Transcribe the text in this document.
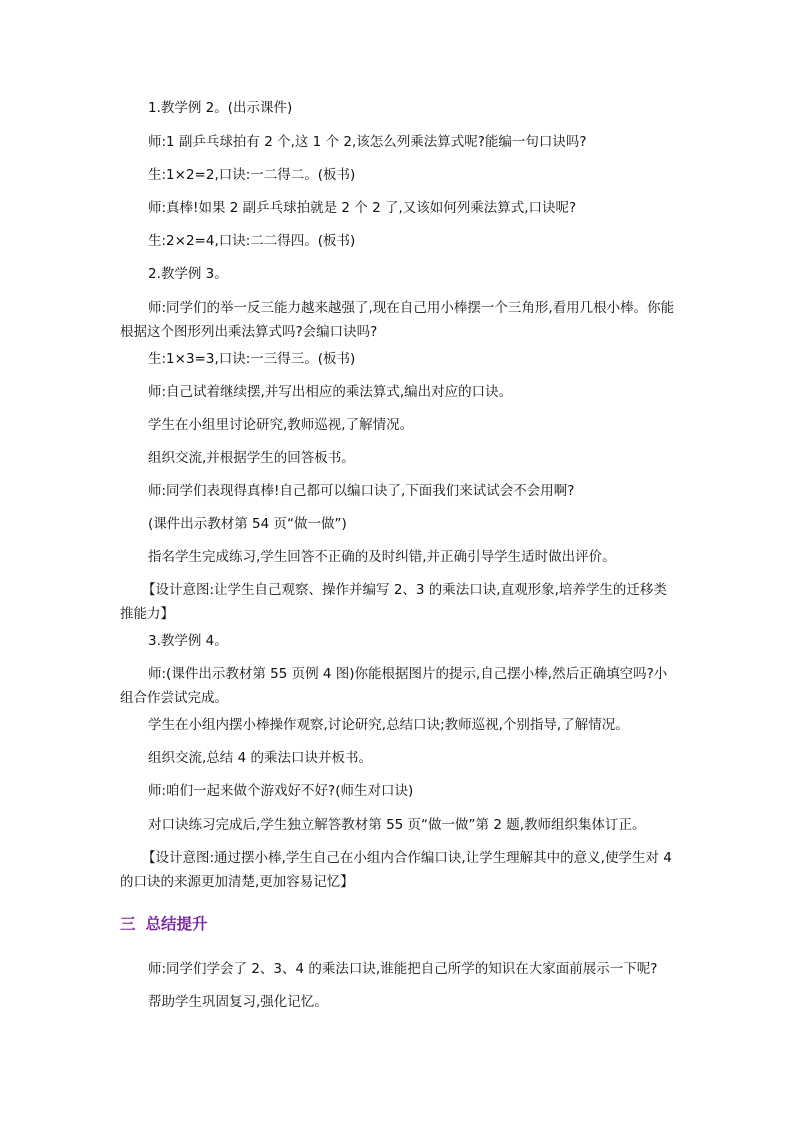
1.教学例 2。(出示课件)
师:1 副乒乓球拍有 2 个,这 1 个 2,该怎么列乘法算式呢?能编一句口诀吗?
生:1×2=2,口诀:一二得二。(板书)
师:真棒!如果 2 副乒乓球拍就是 2 个 2 了,又该如何列乘法算式,口诀呢?
生:2×2=4,口诀:二二得四。(板书)
2.教学例 3。
师:同学们的举一反三能力越来越强了,现在自己用小棒摆一个三角形,看用几根小棒。你能根据这个图形列出乘法算式吗?会编口诀吗?
生:1×3=3,口诀:一三得三。(板书)
师:自己试着继续摆,并写出相应的乘法算式,编出对应的口诀。
学生在小组里讨论研究,教师巡视,了解情况。
组织交流,并根据学生的回答板书。
师:同学们表现得真棒!自己都可以编口诀了,下面我们来试试会不会用啊?
(课件出示教材第 54 页“做一做”)
指名学生完成练习,学生回答不正确的及时纠错,并正确引导学生适时做出评价。
【设计意图:让学生自己观察、操作并编写 2、3 的乘法口诀,直观形象,培养学生的迁移类推能力】
3.教学例 4。
师:(课件出示教材第 55 页例 4 图)你能根据图片的提示,自己摆小棒,然后正确填空吗?小组合作尝试完成。
学生在小组内摆小棒操作观察,讨论研究,总结口诀;教师巡视,个别指导,了解情况。
组织交流,总结 4 的乘法口诀并板书。
师:咱们一起来做个游戏好不好?(师生对口诀)
对口诀练习完成后,学生独立解答教材第 55 页“做一做”第 2 题,教师组织集体订正。
【设计意图:通过摆小棒,学生自己在小组内合作编口诀,让学生理解其中的意义,使学生对 4 的口诀的来源更加清楚,更加容易记忆】
三 总结提升
师:同学们学会了 2、3、4 的乘法口诀,谁能把自己所学的知识在大家面前展示一下呢?
帮助学生巩固复习,强化记忆。
